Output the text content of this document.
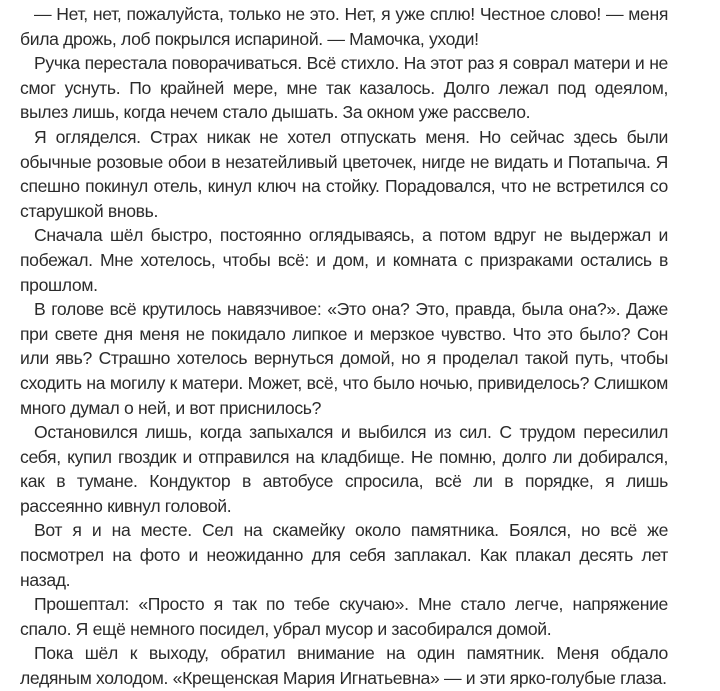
— Нет, нет, пожалуйста, только не это. Нет, я уже сплю! Честное слово! — меня била дрожь, лоб покрылся испариной. — Мамочка, уходи!

Ручка перестала поворачиваться. Всё стихло. На этот раз я соврал матери и не смог уснуть. По крайней мере, мне так казалось. Долго лежал под одеялом, вылез лишь, когда нечем стало дышать. За окном уже рассвело.

Я огляделся. Страх никак не хотел отпускать меня. Но сейчас здесь были обычные розовые обои в незатейливый цветочек, нигде не видать и Потапыча. Я спешно покинул отель, кинул ключ на стойку. Порадовался, что не встретился со старушкой вновь.

Сначала шёл быстро, постоянно оглядываясь, а потом вдруг не выдержал и побежал. Мне хотелось, чтобы всё: и дом, и комната с призраками остались в прошлом.

В голове всё крутилось навязчивое: «Это она? Это, правда, была она?». Даже при свете дня меня не покидало липкое и мерзкое чувство. Что это было? Сон или явь? Страшно хотелось вернуться домой, но я проделал такой путь, чтобы сходить на могилу к матери. Может, всё, что было ночью, привиделось? Слишком много думал о ней, и вот приснилось?

Остановился лишь, когда запыхался и выбился из сил. С трудом пересилил себя, купил гвоздик и отправился на кладбище. Не помню, долго ли добирался, как в тумане. Кондуктор в автобусе спросила, всё ли в порядке, я лишь рассеянно кивнул головой.

Вот я и на месте. Сел на скамейку около памятника. Боялся, но всё же посмотрел на фото и неожиданно для себя заплакал. Как плакал десять лет назад.

Прошептал: «Просто я так по тебе скучаю». Мне стало легче, напряжение спало. Я ещё немного посидел, убрал мусор и засобирался домой.

Пока шёл к выходу, обратил внимание на один памятник. Меня обдало ледяным холодом. «Крещенская Мария Игнатьевна» — и эти ярко-голубые глаза.
